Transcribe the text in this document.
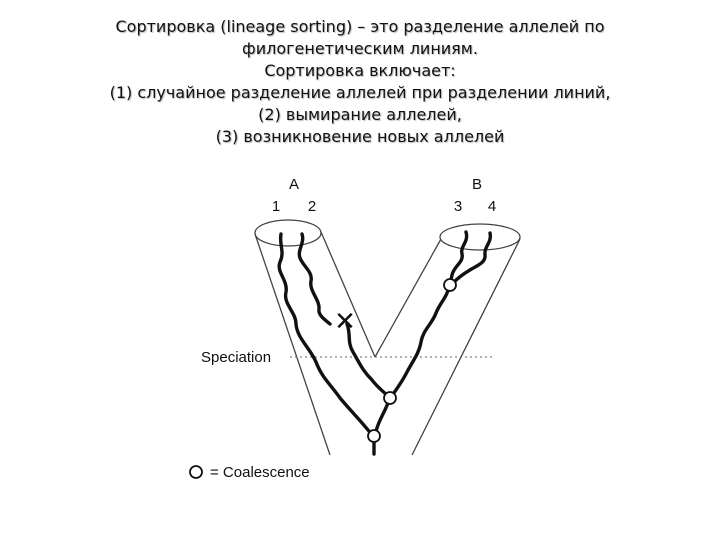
Сортировка (lineage sorting) – это разделение аллелей по
филогенетическим линиям.
Сортировка включает:
(1) случайное разделение аллелей при разделении линий,
(2) вымирание аллелей,
(3) возникновение новых аллелей
✕
A	B
1 2	3 4
Speciation
= Coalescence
